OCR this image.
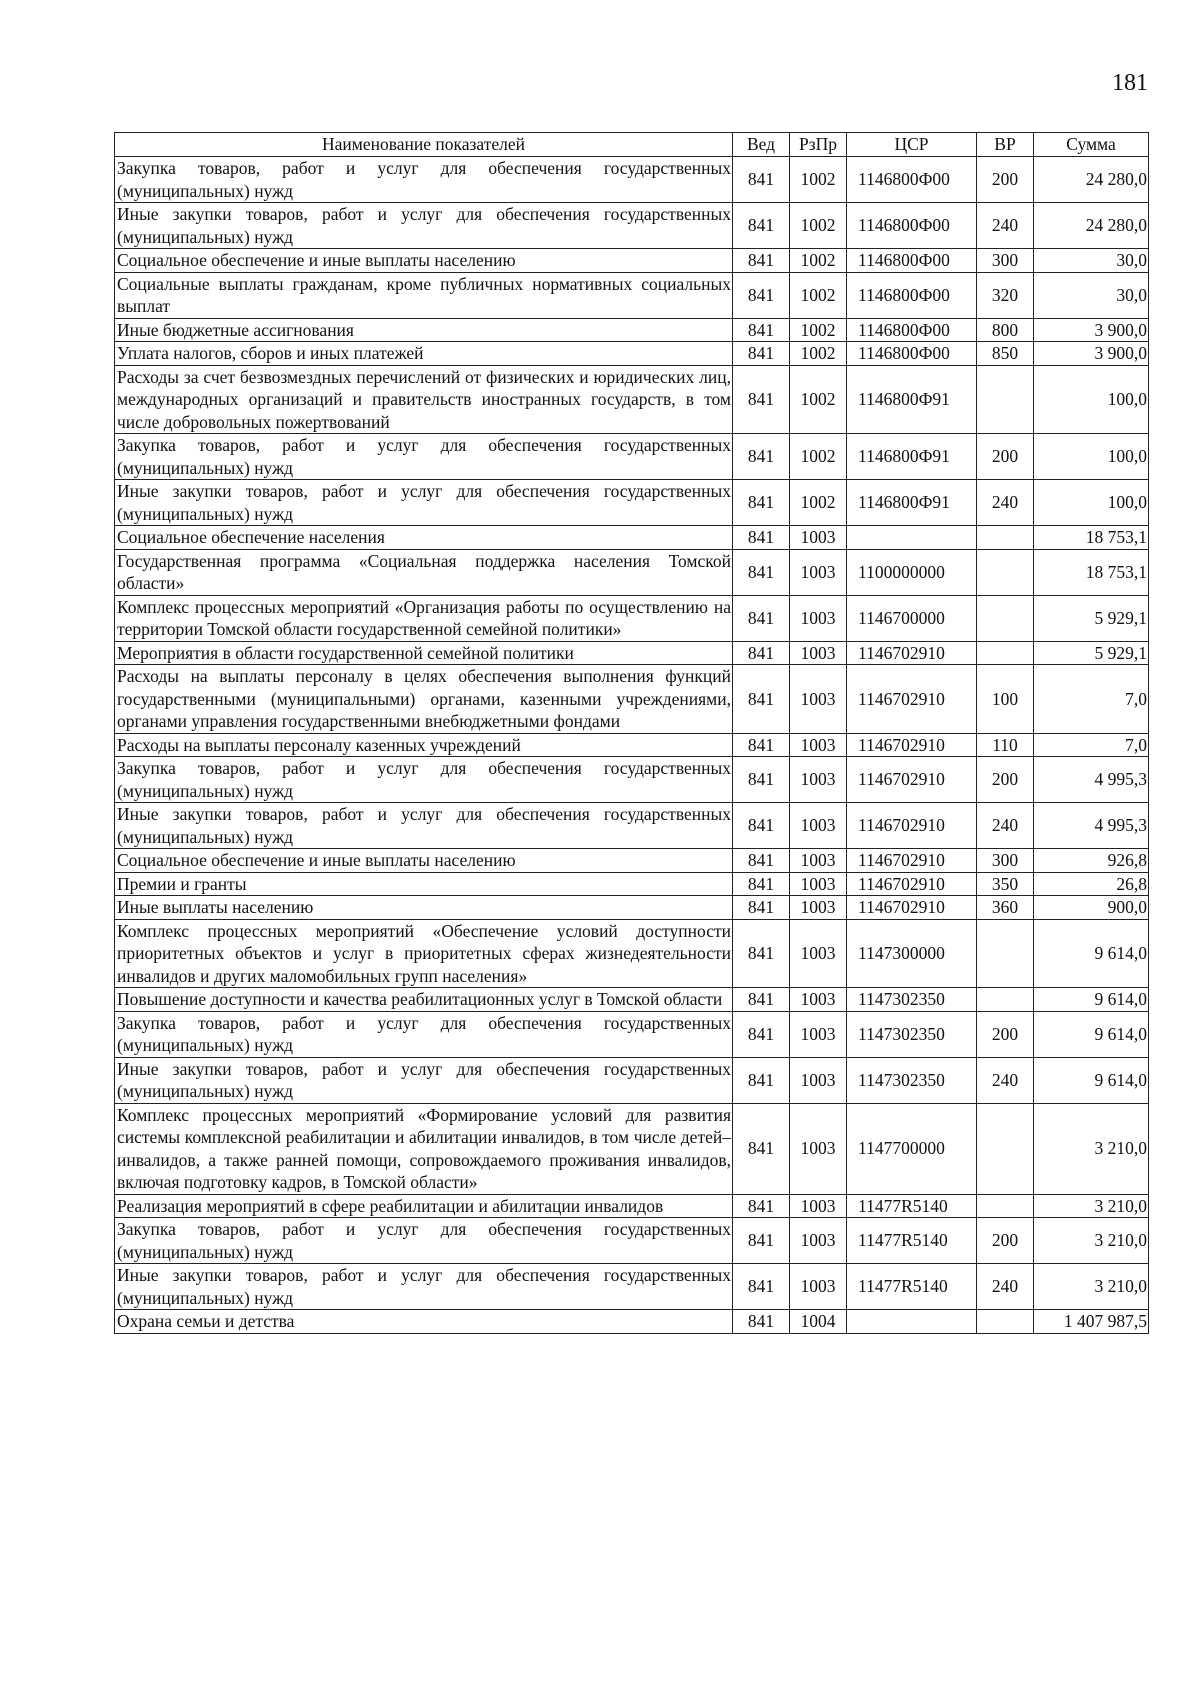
181
Наименование показателей	Вед	РзПр	ЦСР	ВР	Сумма
Закупка товаров, работ и услуг для обеспечения государственных (муниципальных) нужд	841	1002	1146800Ф00	200	24 280,0
Иные закупки товаров, работ и услуг для обеспечения государственных (муниципальных) нужд	841	1002	1146800Ф00	240	24 280,0
Социальное обеспечение и иные выплаты населению	841	1002	1146800Ф00	300	30,0
Социальные выплаты гражданам, кроме публичных нормативных социальных выплат	841	1002	1146800Ф00	320	30,0
Иные бюджетные ассигнования	841	1002	1146800Ф00	800	3 900,0
Уплата налогов, сборов и иных платежей	841	1002	1146800Ф00	850	3 900,0
Расходы за счет безвозмездных перечислений от физических и юридических лиц, международных организаций и правительств иностранных государств, в том числе добровольных пожертвований	841	1002	1146800Ф91		100,0
Закупка товаров, работ и услуг для обеспечения государственных (муниципальных) нужд	841	1002	1146800Ф91	200	100,0
Иные закупки товаров, работ и услуг для обеспечения государственных (муниципальных) нужд	841	1002	1146800Ф91	240	100,0
Социальное обеспечение населения	841	1003			18 753,1
Государственная программа «Социальная поддержка населения Томской области»	841	1003	1100000000		18 753,1
Комплекс процессных мероприятий «Организация работы по осуществлению на территории Томской области государственной семейной политики»	841	1003	1146700000		5 929,1
Мероприятия в области государственной семейной политики	841	1003	1146702910		5 929,1
Расходы на выплаты персоналу в целях обеспечения выполнения функций государственными (муниципальными) органами, казенными учреждениями, органами управления государственными внебюджетными фондами	841	1003	1146702910	100	7,0
Расходы на выплаты персоналу казенных учреждений	841	1003	1146702910	110	7,0
Закупка товаров, работ и услуг для обеспечения государственных (муниципальных) нужд	841	1003	1146702910	200	4 995,3
Иные закупки товаров, работ и услуг для обеспечения государственных (муниципальных) нужд	841	1003	1146702910	240	4 995,3
Социальное обеспечение и иные выплаты населению	841	1003	1146702910	300	926,8
Премии и гранты	841	1003	1146702910	350	26,8
Иные выплаты населению	841	1003	1146702910	360	900,0
Комплекс процессных мероприятий «Обеспечение условий доступности приоритетных объектов и услуг в приоритетных сферах жизнедеятельности инвалидов и других маломобильных групп населения»	841	1003	1147300000		9 614,0
Повышение доступности и качества реабилитационных услуг в Томской области	841	1003	1147302350		9 614,0
Закупка товаров, работ и услуг для обеспечения государственных (муниципальных) нужд	841	1003	1147302350	200	9 614,0
Иные закупки товаров, работ и услуг для обеспечения государственных (муниципальных) нужд	841	1003	1147302350	240	9 614,0
Комплекс процессных мероприятий «Формирование условий для развития системы комплексной реабилитации и абилитации инвалидов, в том числе детей–инвалидов, а также ранней помощи, сопровождаемого проживания инвалидов, включая подготовку кадров, в Томской области»	841	1003	1147700000		3 210,0
Реализация мероприятий в сфере реабилитации и абилитации инвалидов	841	1003	11477R5140		3 210,0
Закупка товаров, работ и услуг для обеспечения государственных (муниципальных) нужд	841	1003	11477R5140	200	3 210,0
Иные закупки товаров, работ и услуг для обеспечения государственных (муниципальных) нужд	841	1003	11477R5140	240	3 210,0
Охрана семьи и детства	841	1004			1 407 987,5
